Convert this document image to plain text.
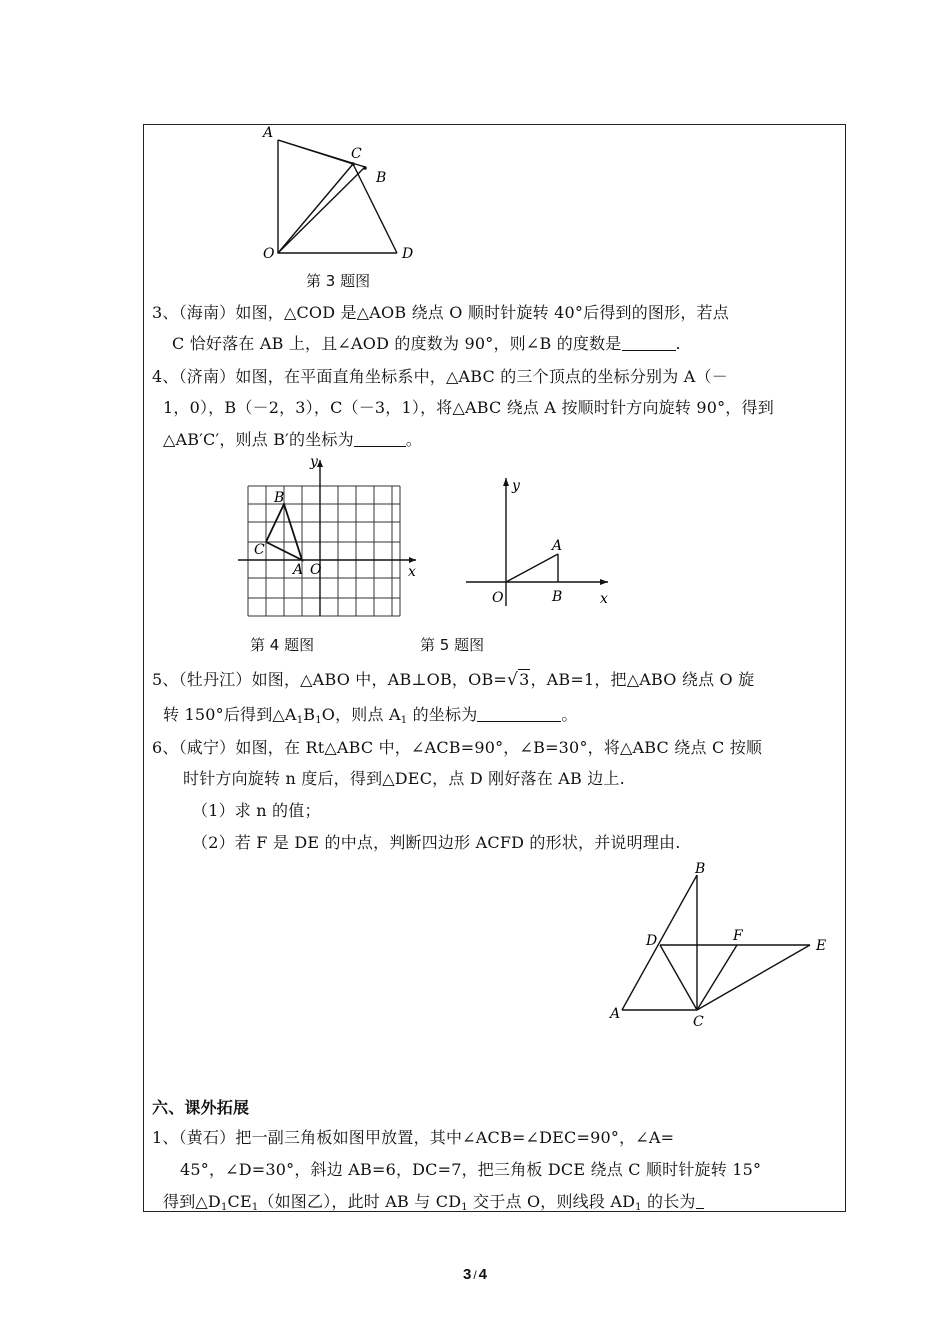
A
C
B
O	D
第 3 题图
3、（海南）如图，△COD 是△AOB 绕点 O 顺时针旋转 40°后得到的图形，若点
C 恰好落在 AB 上，且∠AOD 的度数为 90°，则∠B 的度数是	.
4、（济南）如图，在平面直角坐标系中，△ABC 的三个顶点的坐标分别为 A（－
1，0），B（－2，3），C（－3，1），将△ABC 绕点 A 按顺时针方向旋转 90°，得到
△AB′C′，则点 B′的坐标为	。
y
x
B
C
A O
y
x
A
O	B
第 4 题图	第 5 题图
5、（牡丹江）如图，△ABO 中，AB⊥OB，OB=√3，AB=1，把△ABO 绕点 O 旋
转 150°后得到$\triangle A_1B_1O$，则点 $A_1$ 的坐标为	。
6、（咸宁）如图，在 Rt△ABC 中，∠ACB=90°，∠B=30°，将△ABC 绕点 C 按顺
时针方向旋转 n 度后，得到△DEC，点 D 刚好落在 AB 边上.
（1）求 n 的值；
（2）若 F 是 DE 的中点，判断四边形 ACFD 的形状，并说明理由.
B
D	F
E
A	C
六、课外拓展
1、（黄石）把一副三角板如图甲放置，其中∠ACB=∠DEC=90°，∠A=
45°，∠D=30°，斜边 AB=6，DC=7，把三角板 DCE 绕点 C 顺时针旋转 15°
得到$\triangle D_1CE_1$（如图乙），此时 AB 与 $CD_1$ 交于点 O，则线段 $AD_1$ 的长为
3 / 4
